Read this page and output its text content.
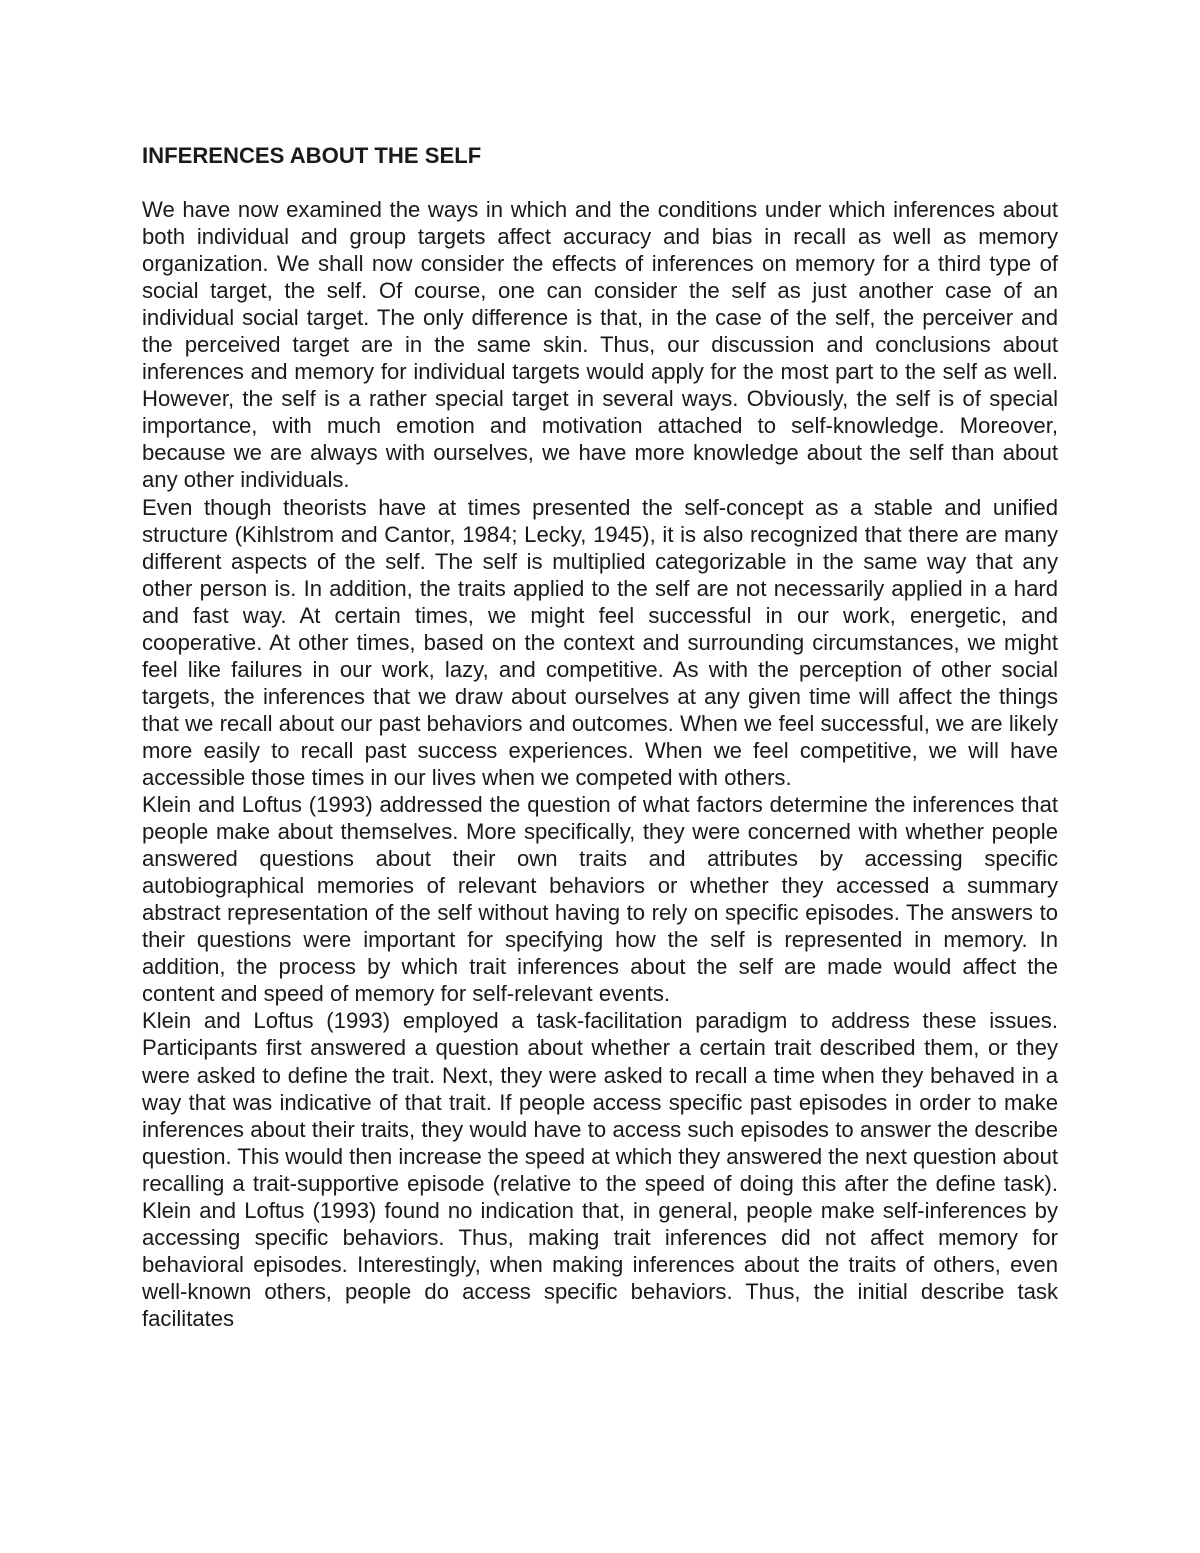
INFERENCES ABOUT THE SELF

We have now examined the ways in which and the conditions under which inferences about both individual and group targets affect accuracy and bias in recall as well as memory organization. We shall now consider the effects of inferences on memory for a third type of social target, the self. Of course, one can consider the self as just another case of an individual social target. The only difference is that, in the case of the self, the perceiver and the perceived target are in the same skin. Thus, our discussion and conclusions about inferences and memory for individual targets would apply for the most part to the self as well. However, the self is a rather special target in several ways. Obviously, the self is of special importance, with much emotion and motivation attached to self-knowledge. Moreover, because we are always with ourselves, we have more knowledge about the self than about any other individuals.

Even though theorists have at times presented the self-concept as a stable and unified structure (Kihlstrom and Cantor, 1984; Lecky, 1945), it is also recognized that there are many different aspects of the self. The self is multiplied categorizable in the same way that any other person is. In addition, the traits applied to the self are not necessarily applied in a hard and fast way. At certain times, we might feel successful in our work, energetic, and cooperative. At other times, based on the context and surrounding circumstances, we might feel like failures in our work, lazy, and competitive. As with the perception of other social targets, the inferences that we draw about ourselves at any given time will affect the things that we recall about our past behaviors and outcomes. When we feel successful, we are likely more easily to recall past success experiences. When we feel competitive, we will have accessible those times in our lives when we competed with others.

Klein and Loftus (1993) addressed the question of what factors determine the inferences that people make about themselves. More specifically, they were concerned with whether people answered questions about their own traits and attributes by accessing specific autobiographical memories of relevant behaviors or whether they accessed a summary abstract representation of the self without having to rely on specific episodes. The answers to their questions were important for specifying how the self is represented in memory. In addition, the process by which trait inferences about the self are made would affect the content and speed of memory for self-relevant events.

Klein and Loftus (1993) employed a task-facilitation paradigm to address these issues. Participants first answered a question about whether a certain trait described them, or they were asked to define the trait. Next, they were asked to recall a time when they behaved in a way that was indicative of that trait. If people access specific past episodes in order to make inferences about their traits, they would have to access such episodes to answer the describe question. This would then increase the speed at which they answered the next question about recalling a trait-supportive episode (relative to the speed of doing this after the define task). Klein and Loftus (1993) found no indication that, in general, people make self-inferences by accessing specific behaviors. Thus, making trait inferences did not affect memory for behavioral episodes. Interestingly, when making inferences about the traits of others, even well-known others, people do access specific behaviors. Thus, the initial describe task facilitates
